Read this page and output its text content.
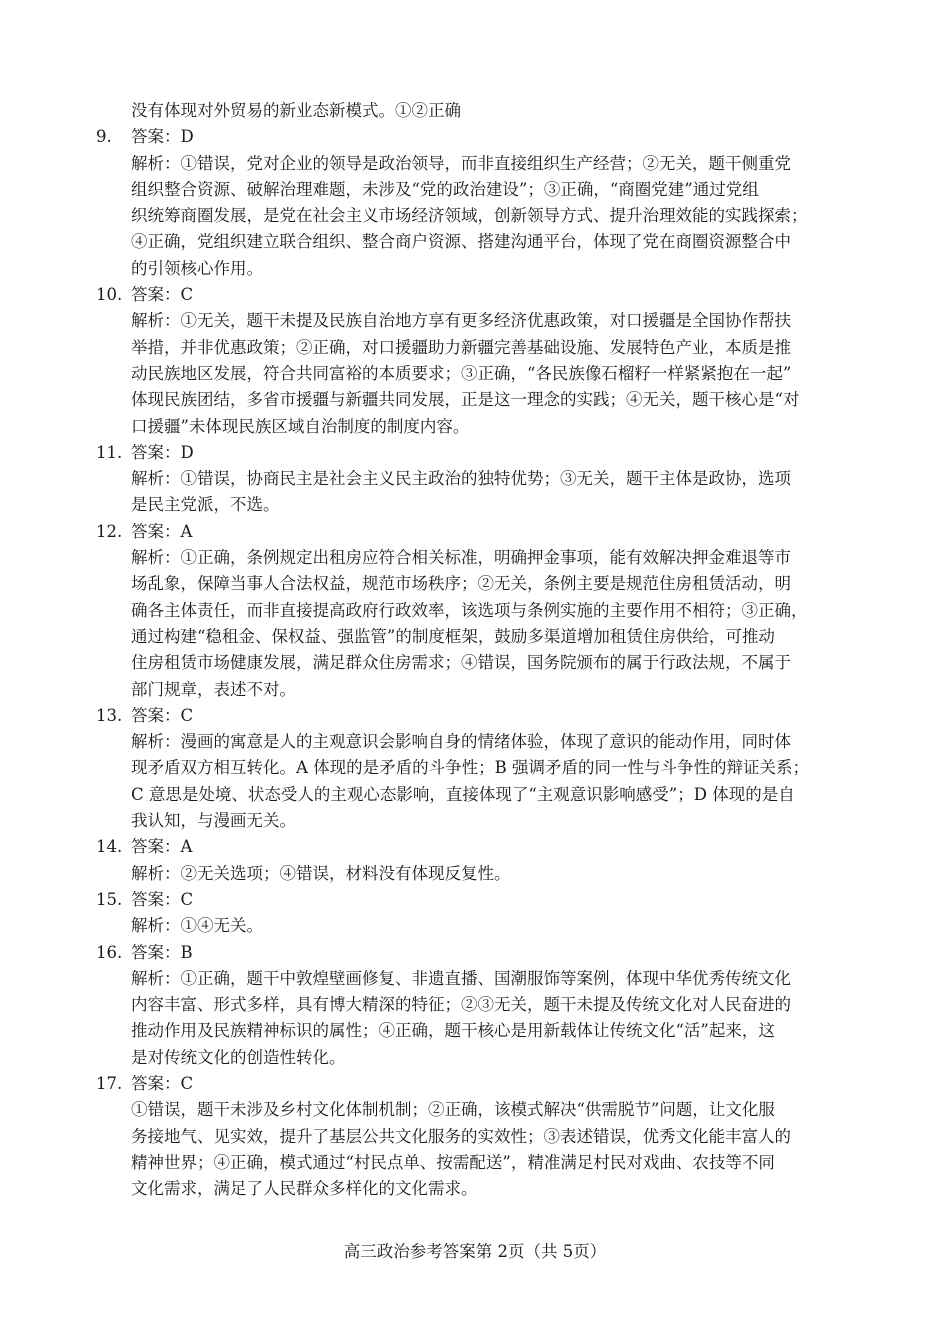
没有体现对外贸易的新业态新模式。①②正确
9. 答案：D
解析：①错误，党对企业的领导是政治领导，而非直接组织生产经营；②无关，题干侧重党
组织整合资源、破解治理难题，未涉及“党的政治建设”；③正确，“商圈党建”通过党组
织统筹商圈发展，是党在社会主义市场经济领域，创新领导方式、提升治理效能的实践探索；
④正确，党组织建立联合组织、整合商户资源、搭建沟通平台，体现了党在商圈资源整合中
的引领核心作用。
10. 答案：C
解析：①无关，题干未提及民族自治地方享有更多经济优惠政策，对口援疆是全国协作帮扶
举措，并非优惠政策；②正确，对口援疆助力新疆完善基础设施、发展特色产业，本质是推
动民族地区发展，符合共同富裕的本质要求；③正确，“各民族像石榴籽一样紧紧抱在一起”
体现民族团结，多省市援疆与新疆共同发展，正是这一理念的实践；④无关，题干核心是“对
口援疆”未体现民族区域自治制度的制度内容。
11. 答案：D
解析：①错误，协商民主是社会主义民主政治的独特优势；③无关，题干主体是政协，选项
是民主党派，不选。
12. 答案：A
解析：①正确，条例规定出租房应符合相关标准，明确押金事项，能有效解决押金难退等市
场乱象，保障当事人合法权益，规范市场秩序；②无关，条例主要是规范住房租赁活动，明
确各主体责任，而非直接提高政府行政效率，该选项与条例实施的主要作用不相符；③正确，
通过构建“稳租金、保权益、强监管”的制度框架，鼓励多渠道增加租赁住房供给，可推动
住房租赁市场健康发展，满足群众住房需求；④错误，国务院颁布的属于行政法规，不属于
部门规章，表述不对。
13. 答案：C
解析：漫画的寓意是人的主观意识会影响自身的情绪体验，体现了意识的能动作用，同时体
现矛盾双方相互转化。A 体现的是矛盾的斗争性；B 强调矛盾的同一性与斗争性的辩证关系；
C 意思是处境、状态受人的主观心态影响，直接体现了“主观意识影响感受”；D 体现的是自
我认知，与漫画无关。
14. 答案：A
解析：②无关选项；④错误，材料没有体现反复性。
15. 答案：C
解析：①④无关。
16. 答案：B
解析：①正确，题干中敦煌壁画修复、非遗直播、国潮服饰等案例，体现中华优秀传统文化
内容丰富、形式多样，具有博大精深的特征；②③无关，题干未提及传统文化对人民奋进的
推动作用及民族精神标识的属性；④正确，题干核心是用新载体让传统文化“活”起来，这
是对传统文化的创造性转化。
17. 答案：C
①错误，题干未涉及乡村文化体制机制；②正确，该模式解决“供需脱节”问题，让文化服
务接地气、见实效，提升了基层公共文化服务的实效性；③表述错误，优秀文化能丰富人的
精神世界；④正确，模式通过“村民点单、按需配送”，精准满足村民对戏曲、农技等不同
文化需求，满足了人民群众多样化的文化需求。
高三政治参考答案第 2页（共 5页）
